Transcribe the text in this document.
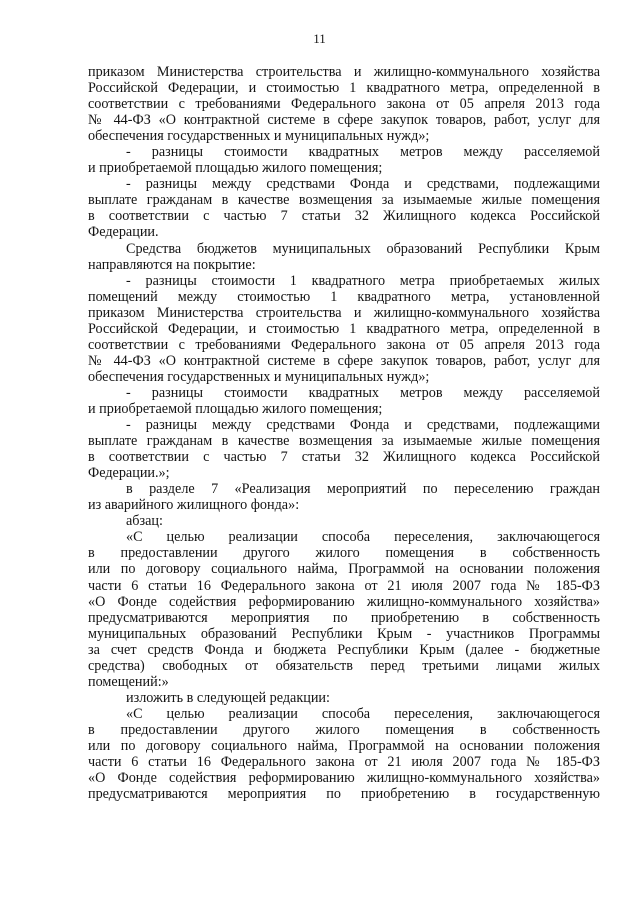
11
приказом Министерства строительства и жилищно-коммунального хозяйства
Российской Федерации, и стоимостью 1 квадратного метра, определенной в
соответствии с требованиями Федерального закона от 05 апреля 2013 года
№ 44-ФЗ «О контрактной системе в сфере закупок товаров, работ, услуг для
обеспечения государственных и муниципальных нужд»;
- разницы стоимости квадратных метров между расселяемой
и приобретаемой площадью жилого помещения;
- разницы между средствами Фонда и средствами, подлежащими
выплате гражданам в качестве возмещения за изымаемые жилые помещения
в соответствии с частью 7 статьи 32 Жилищного кодекса Российской
Федерации.
Средства бюджетов муниципальных образований Республики Крым
направляются на покрытие:
- разницы стоимости 1 квадратного метра приобретаемых жилых
помещений между стоимостью 1 квадратного метра, установленной
приказом Министерства строительства и жилищно-коммунального хозяйства
Российской Федерации, и стоимостью 1 квадратного метра, определенной в
соответствии с требованиями Федерального закона от 05 апреля 2013 года
№ 44-ФЗ «О контрактной системе в сфере закупок товаров, работ, услуг для
обеспечения государственных и муниципальных нужд»;
- разницы стоимости квадратных метров между расселяемой
и приобретаемой площадью жилого помещения;
- разницы между средствами Фонда и средствами, подлежащими
выплате гражданам в качестве возмещения за изымаемые жилые помещения
в соответствии с частью 7 статьи 32 Жилищного кодекса Российской
Федерации.»;
в разделе 7 «Реализация мероприятий по переселению граждан
из аварийного жилищного фонда»:
абзац:
«С целью реализации способа переселения, заключающегося
в предоставлении другого жилого помещения в собственность
или по договору социального найма, Программой на основании положения
части 6 статьи 16 Федерального закона от 21 июля 2007 года № 185-ФЗ
«О Фонде содействия реформированию жилищно-коммунального хозяйства»
предусматриваются мероприятия по приобретению в собственность
муниципальных образований Республики Крым - участников Программы
за счет средств Фонда и бюджета Республики Крым (далее - бюджетные
средства) свободных от обязательств перед третьими лицами жилых
помещений:»
изложить в следующей редакции:
«С целью реализации способа переселения, заключающегося
в предоставлении другого жилого помещения в собственность
или по договору социального найма, Программой на основании положения
части 6 статьи 16 Федерального закона от 21 июля 2007 года № 185-ФЗ
«О Фонде содействия реформированию жилищно-коммунального хозяйства»
предусматриваются мероприятия по приобретению в государственную
